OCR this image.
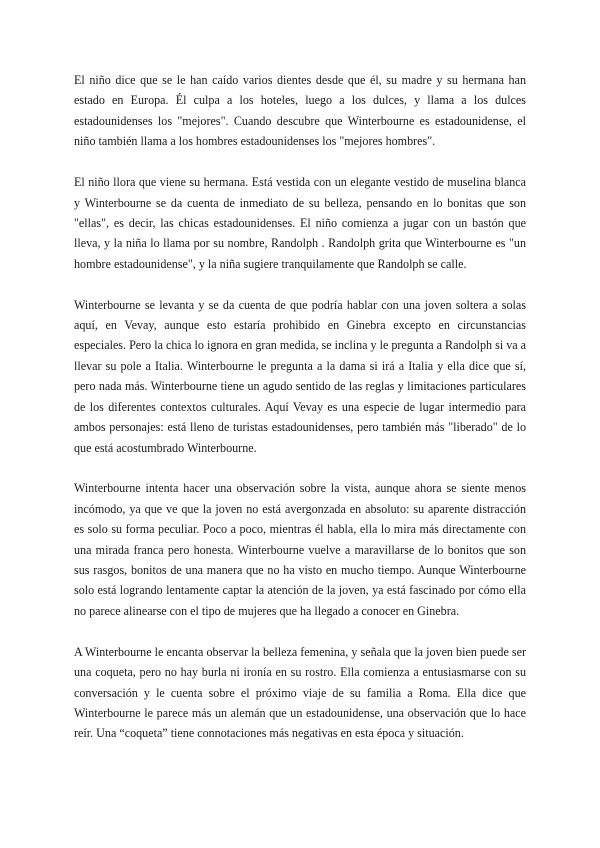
El niño dice que se le han caído varios dientes desde que él, su madre y su hermana han estado en Europa. Él culpa a los hoteles, luego a los dulces, y llama a los dulces estadounidenses los "mejores". Cuando descubre que Winterbourne es estadounidense, el niño también llama a los hombres estadounidenses los "mejores hombres".

El niño llora que viene su hermana. Está vestida con un elegante vestido de muselina blanca y Winterbourne se da cuenta de inmediato de su belleza, pensando en lo bonitas que son "ellas", es decir, las chicas estadounidenses. El niño comienza a jugar con un bastón que lleva, y la niña lo llama por su nombre, Randolph . Randolph grita que Winterbourne es "un hombre estadounidense", y la niña sugiere tranquilamente que Randolph se calle.

Winterbourne se levanta y se da cuenta de que podría hablar con una joven soltera a solas aquí, en Vevay, aunque esto estaría prohibido en Ginebra excepto en circunstancias especiales. Pero la chica lo ignora en gran medida, se inclina y le pregunta a Randolph si va a llevar su pole a Italia. Winterbourne le pregunta a la dama si irá a Italia y ella dice que sí, pero nada más. Winterbourne tiene un agudo sentido de las reglas y limitaciones particulares de los diferentes contextos culturales. Aquí Vevay es una especie de lugar intermedio para ambos personajes: está lleno de turistas estadounidenses, pero también más "liberado" de lo que está acostumbrado Winterbourne.

Winterbourne intenta hacer una observación sobre la vista, aunque ahora se siente menos incómodo, ya que ve que la joven no está avergonzada en absoluto: su aparente distracción es solo su forma peculiar. Poco a poco, mientras él habla, ella lo mira más directamente con una mirada franca pero honesta. Winterbourne vuelve a maravillarse de lo bonitos que son sus rasgos, bonitos de una manera que no ha visto en mucho tiempo. Aunque Winterbourne solo está logrando lentamente captar la atención de la joven, ya está fascinado por cómo ella no parece alinearse con el tipo de mujeres que ha llegado a conocer en Ginebra.

A Winterbourne le encanta observar la belleza femenina, y señala que la joven bien puede ser una coqueta, pero no hay burla ni ironía en su rostro. Ella comienza a entusiasmarse con su conversación y le cuenta sobre el próximo viaje de su familia a Roma. Ella dice que Winterbourne le parece más un alemán que un estadounidense, una observación que lo hace reír. Una “coqueta” tiene connotaciones más negativas en esta época y situación.
